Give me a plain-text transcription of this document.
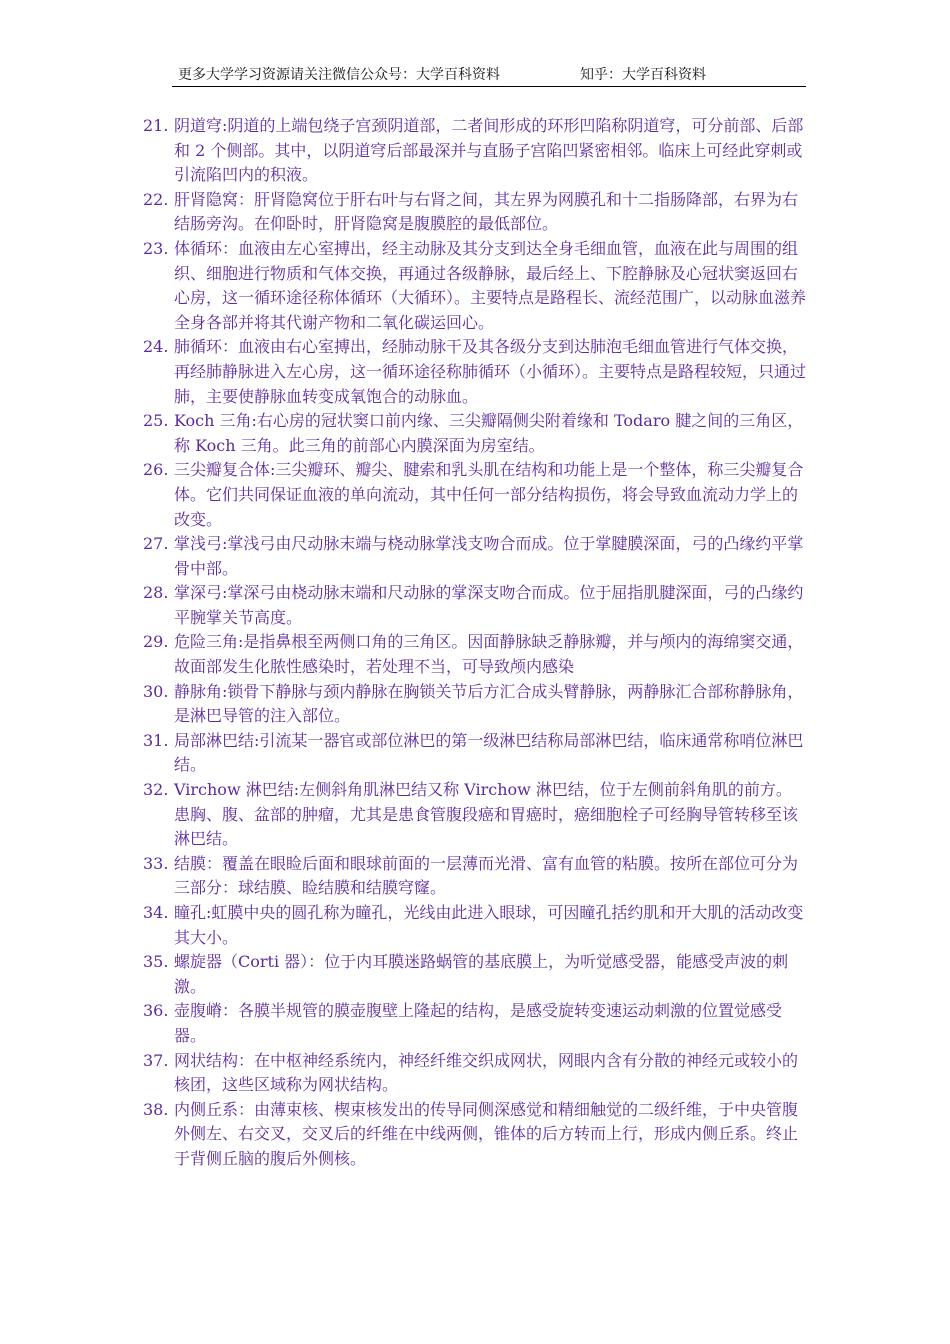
更多大学学习资源请关注微信公众号：大学百科资料	知乎：大学百科资料
21. 阴道穹:阴道的上端包绕子宫颈阴道部，二者间形成的环形凹陷称阴道穹，可分前部、后部和 2 个侧部。其中，以阴道穹后部最深并与直肠子宫陷凹紧密相邻。临床上可经此穿刺或引流陷凹内的积液。
22. 肝肾隐窝：肝肾隐窝位于肝右叶与右肾之间，其左界为网膜孔和十二指肠降部，右界为右结肠旁沟。在仰卧时，肝肾隐窝是腹膜腔的最低部位。
23. 体循环：血液由左心室搏出，经主动脉及其分支到达全身毛细血管，血液在此与周围的组织、细胞进行物质和气体交换，再通过各级静脉，最后经上、下腔静脉及心冠状窦返回右心房，这一循环途径称体循环（大循环）。主要特点是路程长、流经范围广，以动脉血滋养全身各部并将其代谢产物和二氧化碳运回心。
24. 肺循环：血液由右心室搏出，经肺动脉干及其各级分支到达肺泡毛细血管进行气体交换，再经肺静脉进入左心房，这一循环途径称肺循环（小循环）。主要特点是路程较短，只通过肺，主要使静脉血转变成氧饱合的动脉血。
25. Koch 三角:右心房的冠状窦口前内缘、三尖瓣隔侧尖附着缘和 Todaro 腱之间的三角区，称 Koch 三角。此三角的前部心内膜深面为房室结。
26. 三尖瓣复合体:三尖瓣环、瓣尖、腱索和乳头肌在结构和功能上是一个整体，称三尖瓣复合体。它们共同保证血液的单向流动，其中任何一部分结构损伤，将会导致血流动力学上的改变。
27. 掌浅弓:掌浅弓由尺动脉末端与桡动脉掌浅支吻合而成。位于掌腱膜深面，弓的凸缘约平掌骨中部。
28. 掌深弓:掌深弓由桡动脉末端和尺动脉的掌深支吻合而成。位于屈指肌腱深面，弓的凸缘约平腕掌关节高度。
29. 危险三角:是指鼻根至两侧口角的三角区。因面静脉缺乏静脉瓣，并与颅内的海绵窦交通，故面部发生化脓性感染时，若处理不当，可导致颅内感染
30. 静脉角:锁骨下静脉与颈内静脉在胸锁关节后方汇合成头臂静脉，两静脉汇合部称静脉角，是淋巴导管的注入部位。
31. 局部淋巴结:引流某一器官或部位淋巴的第一级淋巴结称局部淋巴结，临床通常称哨位淋巴结。
32. Virchow 淋巴结:左侧斜角肌淋巴结又称 Virchow 淋巴结，位于左侧前斜角肌的前方。患胸、腹、盆部的肿瘤，尤其是患食管腹段癌和胃癌时，癌细胞栓子可经胸导管转移至该淋巴结。
33. 结膜：覆盖在眼睑后面和眼球前面的一层薄而光滑、富有血管的粘膜。按所在部位可分为三部分：球结膜、睑结膜和结膜穹窿。
34. 瞳孔:虹膜中央的圆孔称为瞳孔，光线由此进入眼球，可因瞳孔括约肌和开大肌的活动改变其大小。
35. 螺旋器（Corti 器）：位于内耳膜迷路蜗管的基底膜上，为听觉感受器，能感受声波的刺激。
36. 壶腹嵴：各膜半规管的膜壶腹壁上隆起的结构，是感受旋转变速运动刺激的位置觉感受器。
37. 网状结构：在中枢神经系统内，神经纤维交织成网状，网眼内含有分散的神经元或较小的核团，这些区域称为网状结构。
38. 内侧丘系：由薄束核、楔束核发出的传导同侧深感觉和精细触觉的二级纤维，于中央管腹外侧左、右交叉，交叉后的纤维在中线两侧，锥体的后方转而上行，形成内侧丘系。终止于背侧丘脑的腹后外侧核。
